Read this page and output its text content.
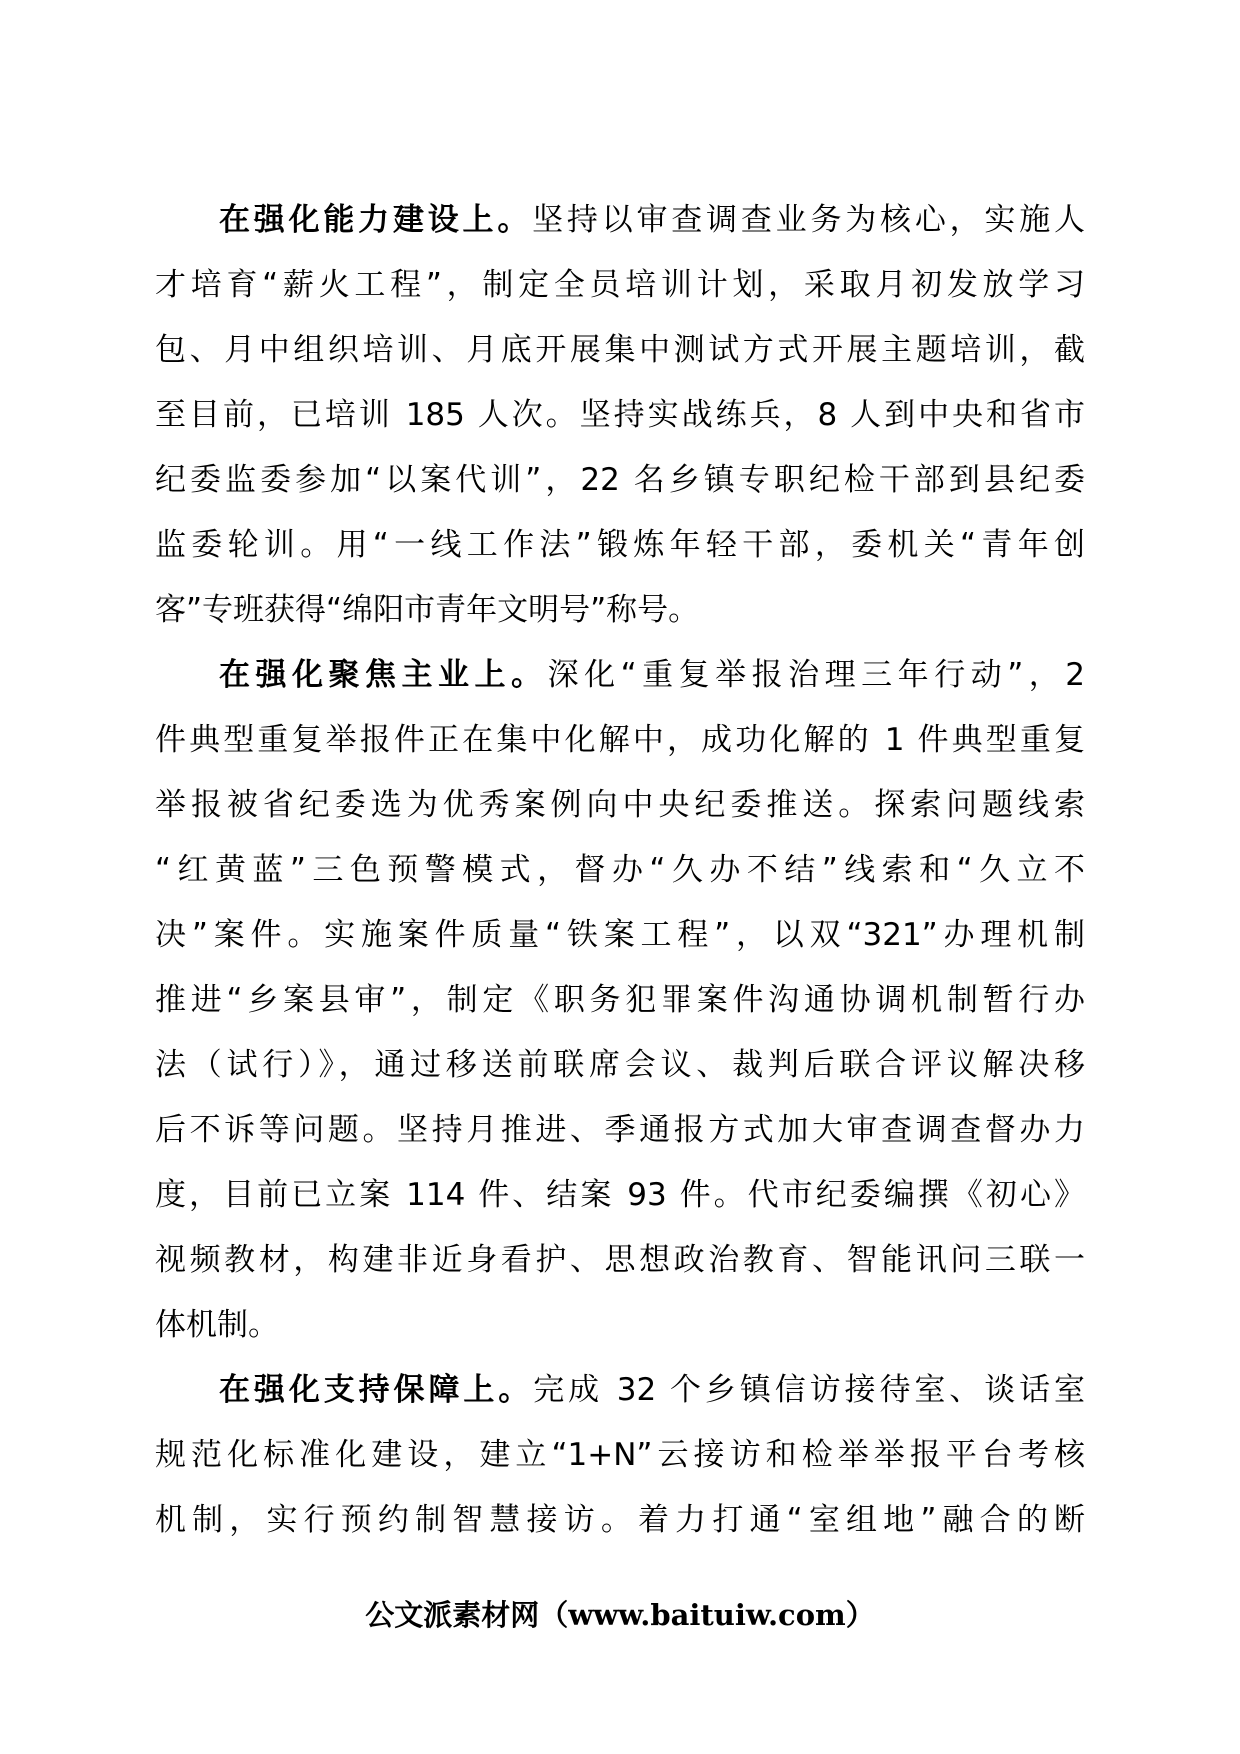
在强化能力建设上。坚持以审查调查业务为核心，实施人
才培育“薪火工程”，制定全员培训计划，采取月初发放学习
包、月中组织培训、月底开展集中测试方式开展主题培训，截
至目前，已培训 185 人次。坚持实战练兵，8 人到中央和省市
纪委监委参加“以案代训”，22 名乡镇专职纪检干部到县纪委
监委轮训。用“一线工作法”锻炼年轻干部，委机关“青年创
客”专班获得“绵阳市青年文明号”称号。
在强化聚焦主业上。深化“重复举报治理三年行动”，2
件典型重复举报件正在集中化解中，成功化解的 1 件典型重复
举报被省纪委选为优秀案例向中央纪委推送。探索问题线索
“红黄蓝”三色预警模式，督办“久办不结”线索和“久立不
决”案件。实施案件质量“铁案工程”，以双“321”办理机制
推进“乡案县审”，制定《职务犯罪案件沟通协调机制暂行办
法（试行）》，通过移送前联席会议、裁判后联合评议解决移
后不诉等问题。坚持月推进、季通报方式加大审查调查督办力
度，目前已立案 114 件、结案 93 件。代市纪委编撰《初心》
视频教材，构建非近身看护、思想政治教育、智能讯问三联一
体机制。
在强化支持保障上。完成 32 个乡镇信访接待室、谈话室
规范化标准化建设，建立“1+N”云接访和检举举报平台考核
机制，实行预约制智慧接访。着力打通“室组地”融合的断
公文派素材网（www.baituiw.com）
